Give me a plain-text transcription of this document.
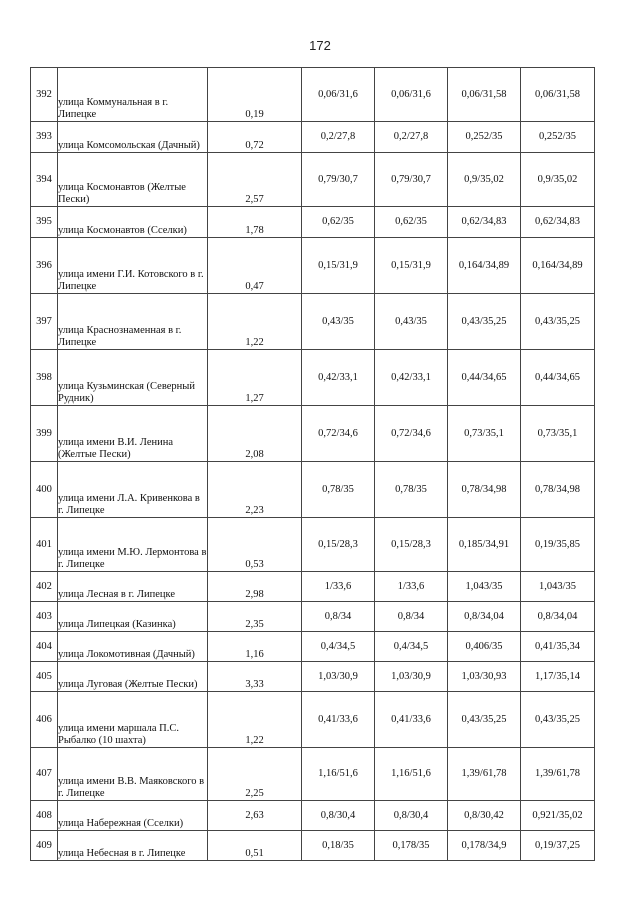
172
392	улица Коммунальная в г. Липецке	0,19	0,06/31,6	0,06/31,6	0,06/31,58	0,06/31,58
393	улица Комсомольская (Дачный)	0,72	0,2/27,8	0,2/27,8	0,252/35	0,252/35
394	улица Космонавтов (Желтые Пески)	2,57	0,79/30,7	0,79/30,7	0,9/35,02	0,9/35,02
395	улица Космонавтов (Сселки)	1,78	0,62/35	0,62/35	0,62/34,83	0,62/34,83
396	улица имени Г.И. Котовского в г. Липецке	0,47	0,15/31,9	0,15/31,9	0,164/34,89	0,164/34,89
397	улица Краснознаменная в г. Липецке	1,22	0,43/35	0,43/35	0,43/35,25	0,43/35,25
398	улица Кузьминская (Северный Рудник)	1,27	0,42/33,1	0,42/33,1	0,44/34,65	0,44/34,65
399	улица имени В.И. Ленина (Желтые Пески)	2,08	0,72/34,6	0,72/34,6	0,73/35,1	0,73/35,1
400	улица имени Л.А. Кривенкова в г. Липецке	2,23	0,78/35	0,78/35	0,78/34,98	0,78/34,98
401	улица имени М.Ю. Лермонтова в г. Липецке	0,53	0,15/28,3	0,15/28,3	0,185/34,91	0,19/35,85
402	улица Лесная в г. Липецке	2,98	1/33,6	1/33,6	1,043/35	1,043/35
403	улица Липецкая (Казинка)	2,35	0,8/34	0,8/34	0,8/34,04	0,8/34,04
404	улица Локомотивная (Дачный)	1,16	0,4/34,5	0,4/34,5	0,406/35	0,41/35,34
405	улица Луговая (Желтые Пески)	3,33	1,03/30,9	1,03/30,9	1,03/30,93	1,17/35,14
406	улица имени маршала П.С. Рыбалко (10 шахта)	1,22	0,41/33,6	0,41/33,6	0,43/35,25	0,43/35,25
407	улица имени В.В. Маяковского в г. Липецке	2,25	1,16/51,6	1,16/51,6	1,39/61,78	1,39/61,78
408	улица Набережная (Сселки)	2,63	0,8/30,4	0,8/30,4	0,8/30,42	0,921/35,02
409	улица Небесная в г. Липецке	0,51	0,18/35	0,178/35	0,178/34,9	0,19/37,25
